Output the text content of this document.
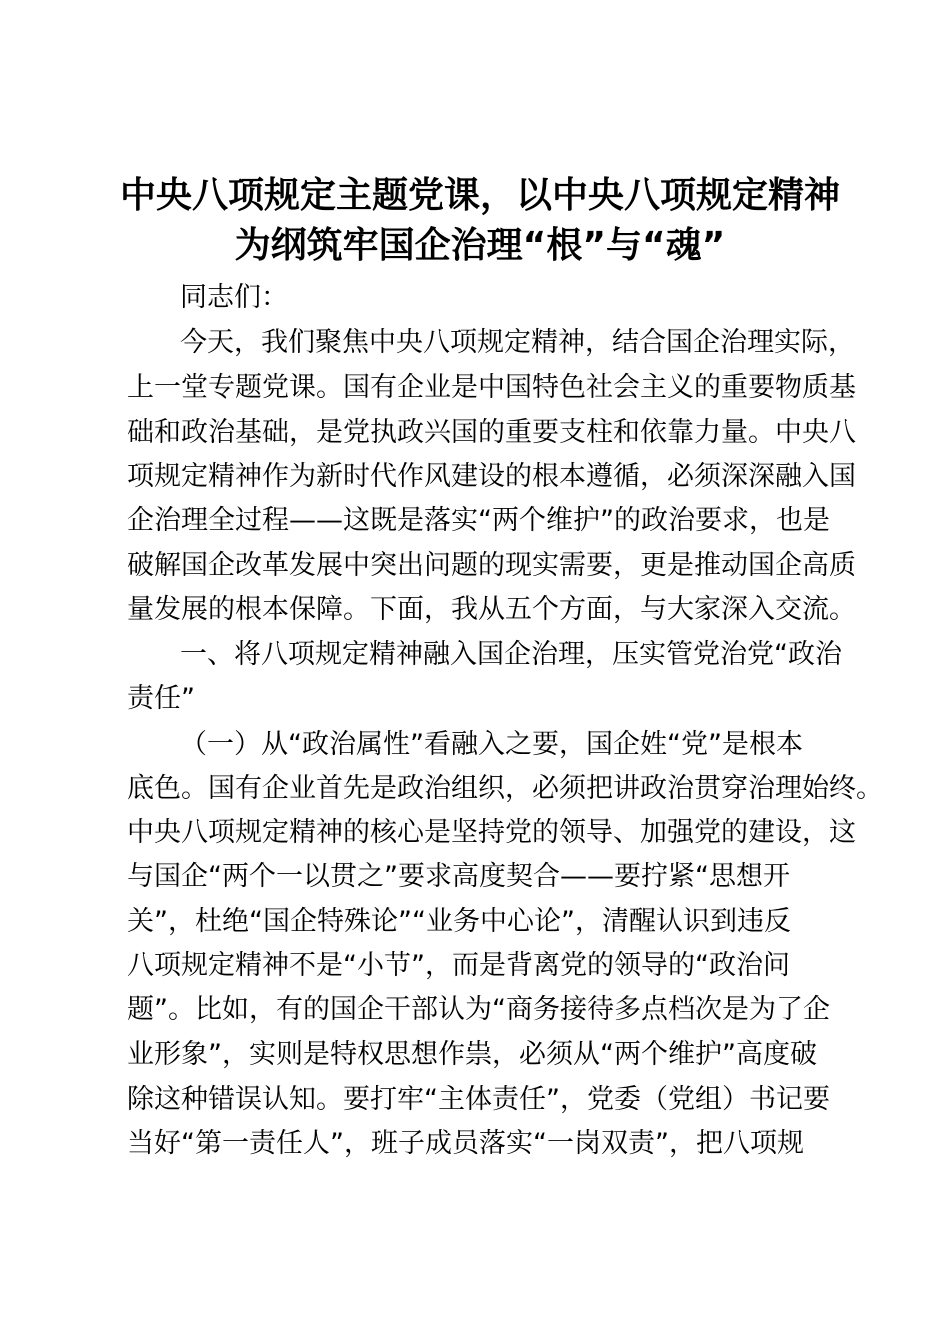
中央八项规定主题党课，以中央八项规定精神
为纲筑牢国企治理“根”与“魂”

同志们：

今天，我们聚焦中央八项规定精神，结合国企治理实际，

上一堂专题党课。国有企业是中国特色社会主义的重要物质基

础和政治基础，是党执政兴国的重要支柱和依靠力量。中央八

项规定精神作为新时代作风建设的根本遵循，必须深深融入国

企治理全过程——这既是落实“两个维护”的政治要求，也是

破解国企改革发展中突出问题的现实需要，更是推动国企高质

量发展的根本保障。下面，我从五个方面，与大家深入交流。

一、将八项规定精神融入国企治理，压实管党治党“政治

责任”

（一）从“政治属性”看融入之要，国企姓“党”是根本

底色。国有企业首先是政治组织，必须把讲政治贯穿治理始终。

中央八项规定精神的核心是坚持党的领导、加强党的建设，这

与国企“两个一以贯之”要求高度契合——要拧紧“思想开

关”，杜绝“国企特殊论”“业务中心论”，清醒认识到违反

八项规定精神不是“小节”，而是背离党的领导的“政治问

题”。比如，有的国企干部认为“商务接待多点档次是为了企

业形象”，实则是特权思想作祟，必须从“两个维护”高度破

除这种错误认知。要打牢“主体责任”，党委（党组）书记要

当好“第一责任人”，班子成员落实“一岗双责”，把八项规
